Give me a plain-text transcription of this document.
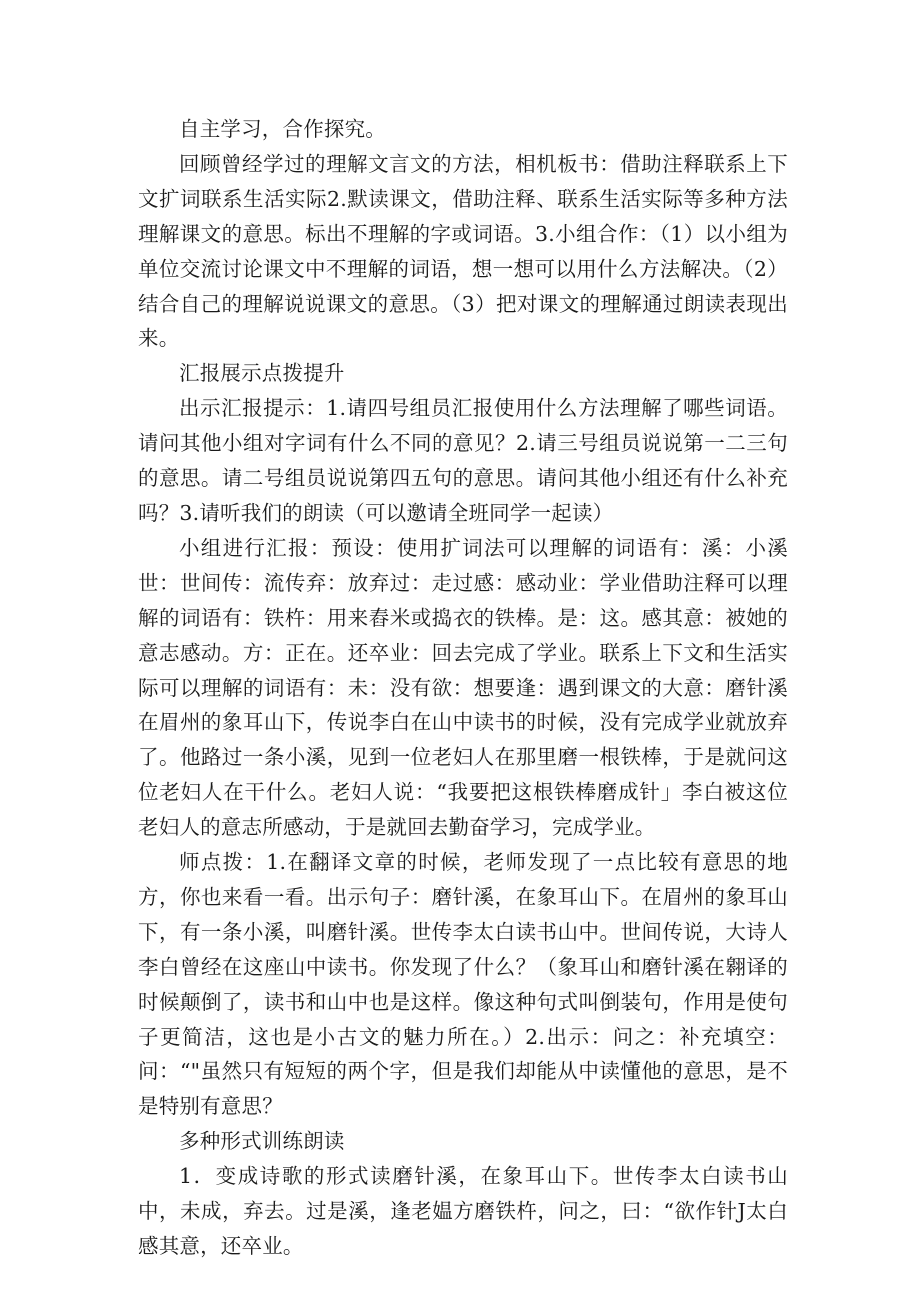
自主学习，合作探究。

回顾曾经学过的理解文言文的方法，相机板书：借助注释联系上下文扩词联系生活实际2.默读课文，借助注释、联系生活实际等多种方法理解课文的意思。标出不理解的字或词语。3.小组合作：（1）以小组为单位交流讨论课文中不理解的词语，想一想可以用什么方法解决。（2）结合自己的理解说说课文的意思。（3）把对课文的理解通过朗读表现出来。

汇报展示点拨提升

出示汇报提示：1.请四号组员汇报使用什么方法理解了哪些词语。请问其他小组对字词有什么不同的意见？2.请三号组员说说第一二三句的意思。请二号组员说说第四五句的意思。请问其他小组还有什么补充吗？3.请听我们的朗读（可以邀请全班同学一起读）

小组进行汇报：预设：使用扩词法可以理解的词语有：溪：小溪世：世间传：流传弃：放弃过：走过感：感动业：学业借助注释可以理解的词语有：铁杵：用来舂米或捣衣的铁棒。是：这。感其意：被她的意志感动。方：正在。还卒业：回去完成了学业。联系上下文和生活实际可以理解的词语有：未：没有欲：想要逢：遇到课文的大意：磨针溪在眉州的象耳山下，传说李白在山中读书的时候，没有完成学业就放弃了。他路过一条小溪，见到一位老妇人在那里磨一根铁棒，于是就问这位老妇人在干什么。老妇人说：“我要把这根铁棒磨成针」李白被这位老妇人的意志所感动，于是就回去勤奋学习，完成学业。

师点拨：1.在翻译文章的时候，老师发现了一点比较有意思的地方，你也来看一看。出示句子：磨针溪，在象耳山下。在眉州的象耳山下，有一条小溪，叫磨针溪。世传李太白读书山中。世间传说，大诗人李白曾经在这座山中读书。你发现了什么？（象耳山和磨针溪在翱译的时候颠倒了，读书和山中也是这样。像这种句式叫倒装句，作用是使句子更简洁，这也是小古文的魅力所在。）2.出示：问之：补充填空：问：“"虽然只有短短的两个字，但是我们却能从中读懂他的意思，是不是特别有意思？

多种形式训练朗读

1．变成诗歌的形式读磨针溪，在象耳山下。世传李太白读书山中，未成，弃去。过是溪，逢老媪方磨铁杵，问之，曰：“欲作针J太白感其意，还卒业。
